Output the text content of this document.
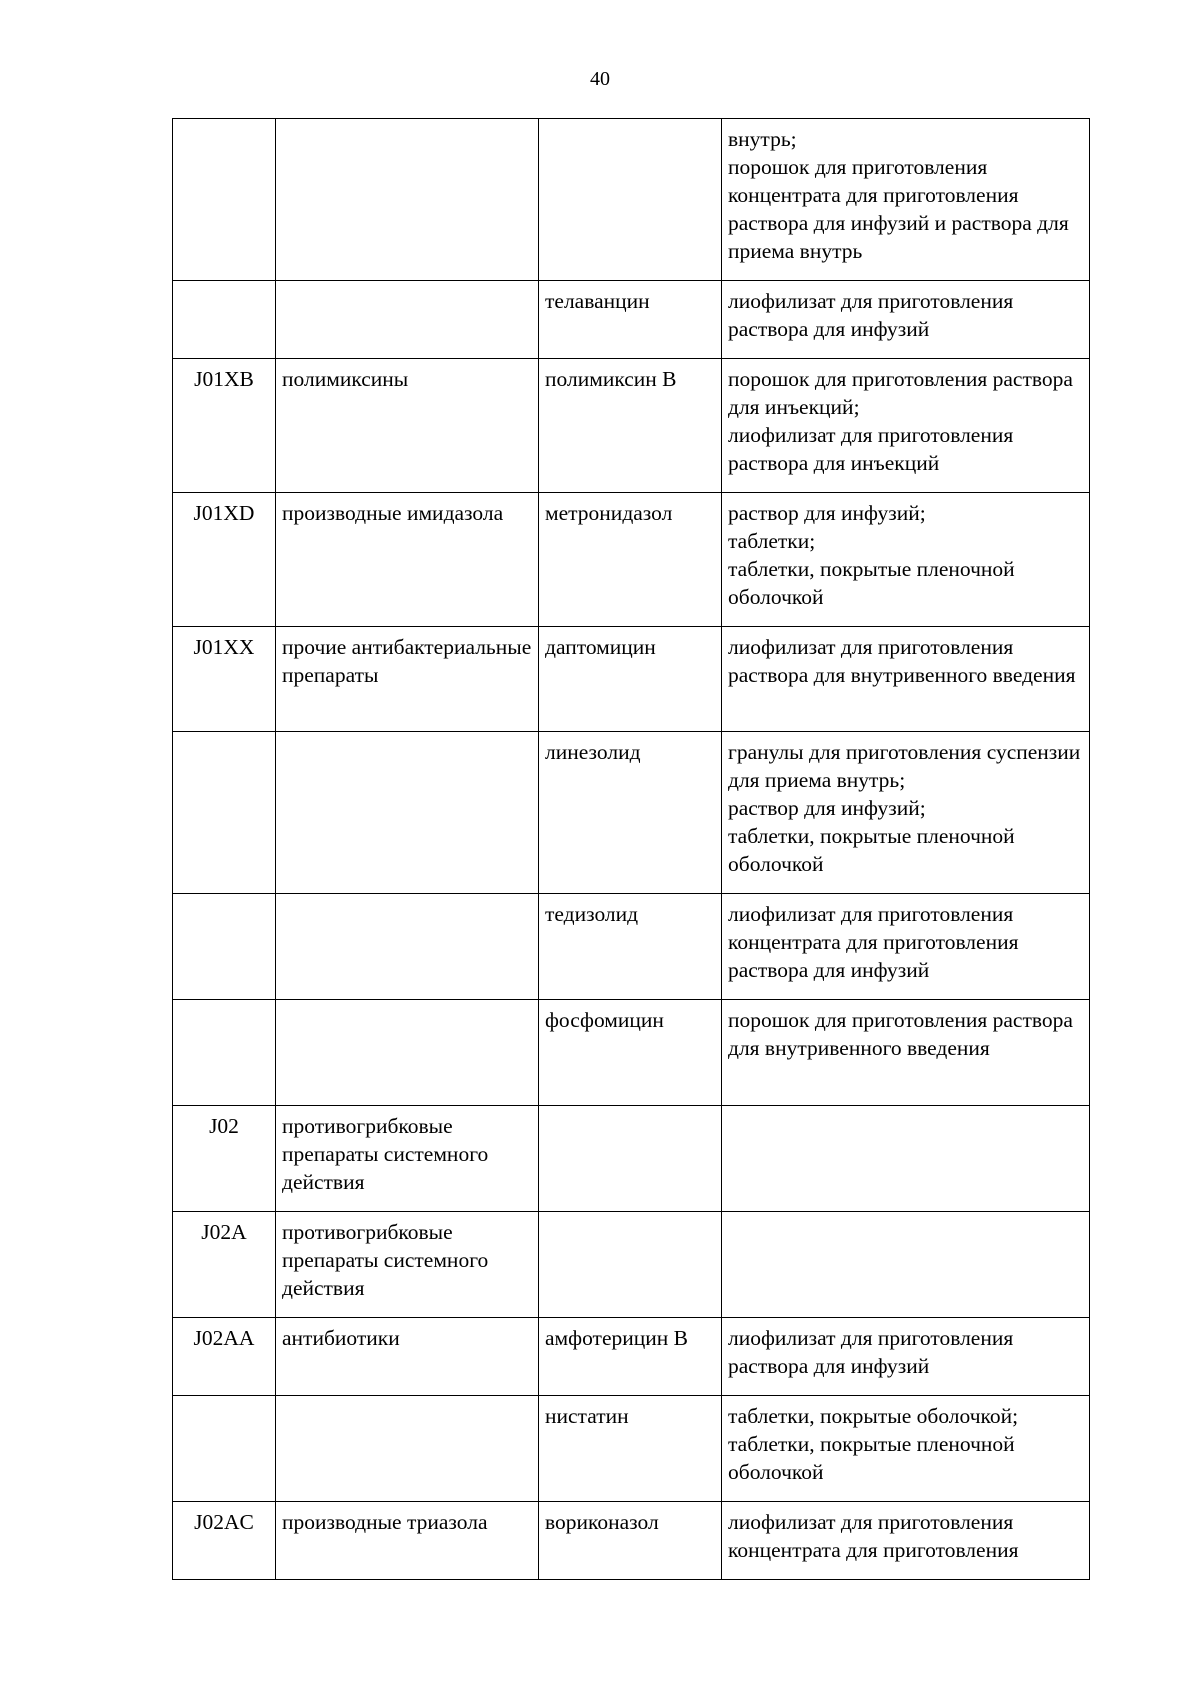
40

			внутрь;
порошок для приготовления концентрата для приготовления раствора для инфузий и раствора для приема внутрь

		телаванцин	лиофилизат для приготовления раствора для инфузий

J01XB	полимиксины	полимиксин B	порошок для приготовления раствора для инъекций;
лиофилизат для приготовления раствора для инъекций

J01XD	производные имидазола	метронидазол	раствор для инфузий;
таблетки;
таблетки, покрытые пленочной оболочкой

J01XX	прочие антибактериальные препараты	даптомицин	лиофилизат для приготовления раствора для внутривенного введения

		линезолид	гранулы для приготовления суспензии для приема внутрь;
раствор для инфузий;
таблетки, покрытые пленочной оболочкой

		тедизолид	лиофилизат для приготовления концентрата для приготовления раствора для инфузий

		фосфомицин	порошок для приготовления раствора для внутривенного введения

J02	противогрибковые препараты системного действия		

J02A	противогрибковые препараты системного действия		

J02AA	антибиотики	амфотерицин B	лиофилизат для приготовления раствора для инфузий

		нистатин	таблетки, покрытые оболочкой;
таблетки, покрытые пленочной оболочкой

J02AC	производные триазола	вориконазол	лиофилизат для приготовления концентрата для приготовления
